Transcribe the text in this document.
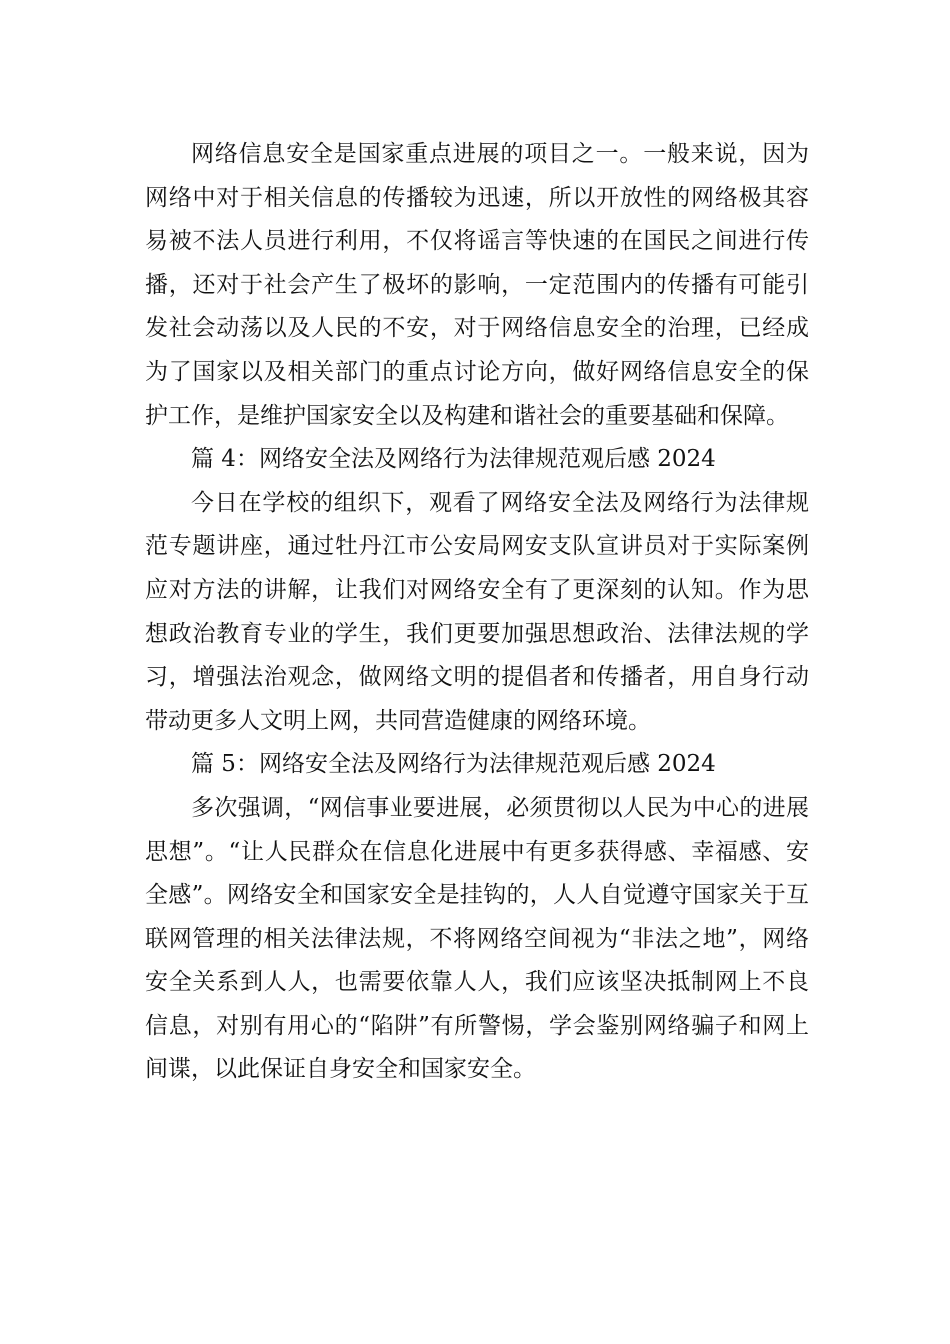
网络信息安全是国家重点进展的项目之一。一般来说，因为网络中对于相关信息的传播较为迅速，所以开放性的网络极其容易被不法人员进行利用，不仅将谣言等快速的在国民之间进行传播，还对于社会产生了极坏的影响，一定范围内的传播有可能引发社会动荡以及人民的不安，对于网络信息安全的治理，已经成为了国家以及相关部门的重点讨论方向，做好网络信息安全的保护工作，是维护国家安全以及构建和谐社会的重要基础和保障。

篇 4：网络安全法及网络行为法律规范观后感 2024

今日在学校的组织下，观看了网络安全法及网络行为法律规范专题讲座，通过牡丹江市公安局网安支队宣讲员对于实际案例应对方法的讲解，让我们对网络安全有了更深刻的认知。作为思想政治教育专业的学生，我们更要加强思想政治、法律法规的学习，增强法治观念，做网络文明的提倡者和传播者，用自身行动带动更多人文明上网，共同营造健康的网络环境。

篇 5：网络安全法及网络行为法律规范观后感 2024

多次强调，“网信事业要进展，必须贯彻以人民为中心的进展思想”。“让人民群众在信息化进展中有更多获得感、幸福感、安全感”。网络安全和国家安全是挂钩的，人人自觉遵守国家关于互联网管理的相关法律法规，不将网络空间视为“非法之地”，网络安全关系到人人，也需要依靠人人，我们应该坚决抵制网上不良信息，对别有用心的“陷阱”有所警惕，学会鉴别网络骗子和网上间谍，以此保证自身安全和国家安全。
